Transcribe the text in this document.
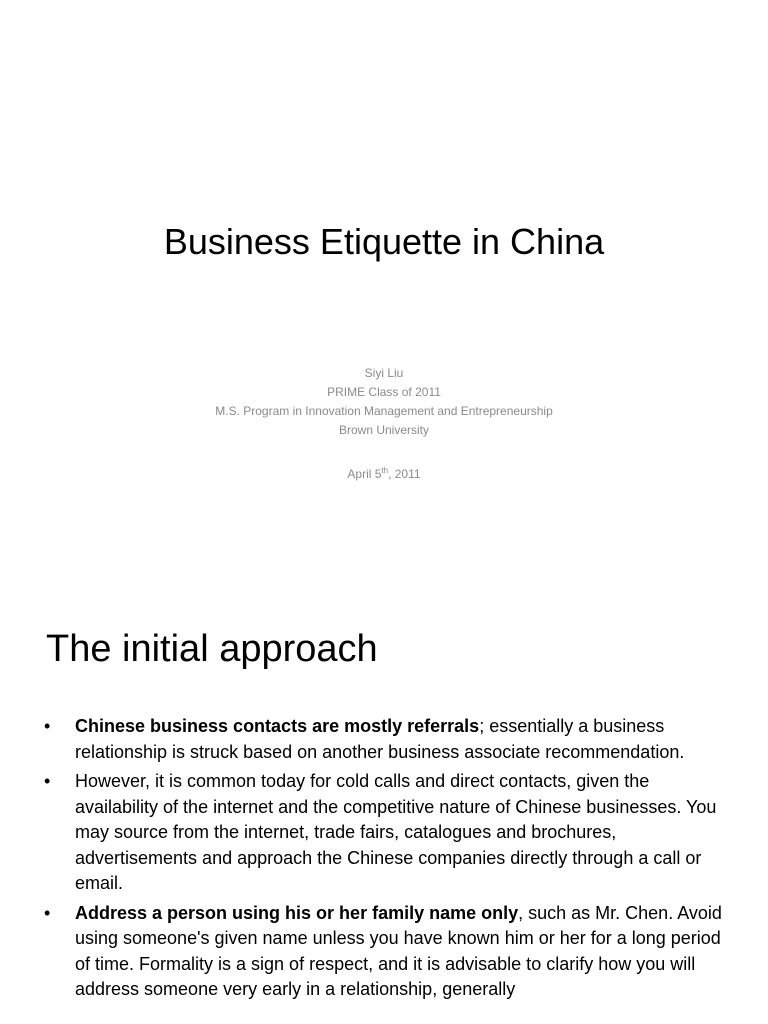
Business Etiquette in China
Siyi Liu
PRIME Class of 2011
M.S. Program in Innovation Management and Entrepreneurship
Brown University
April 5th, 2011
The initial approach
• Chinese business contacts are mostly referrals; essentially a business relationship is struck based on another business associate recommendation.
• However, it is common today for cold calls and direct contacts, given the availability of the internet and the competitive nature of Chinese businesses. You may source from the internet, trade fairs, catalogues and brochures, advertisements and approach the Chinese companies directly through a call or email.
• Address a person using his or her family name only, such as Mr. Chen. Avoid using someone's given name unless you have known him or her for a long period of time. Formality is a sign of respect, and it is advisable to clarify how you will address someone very early in a relationship, generally
